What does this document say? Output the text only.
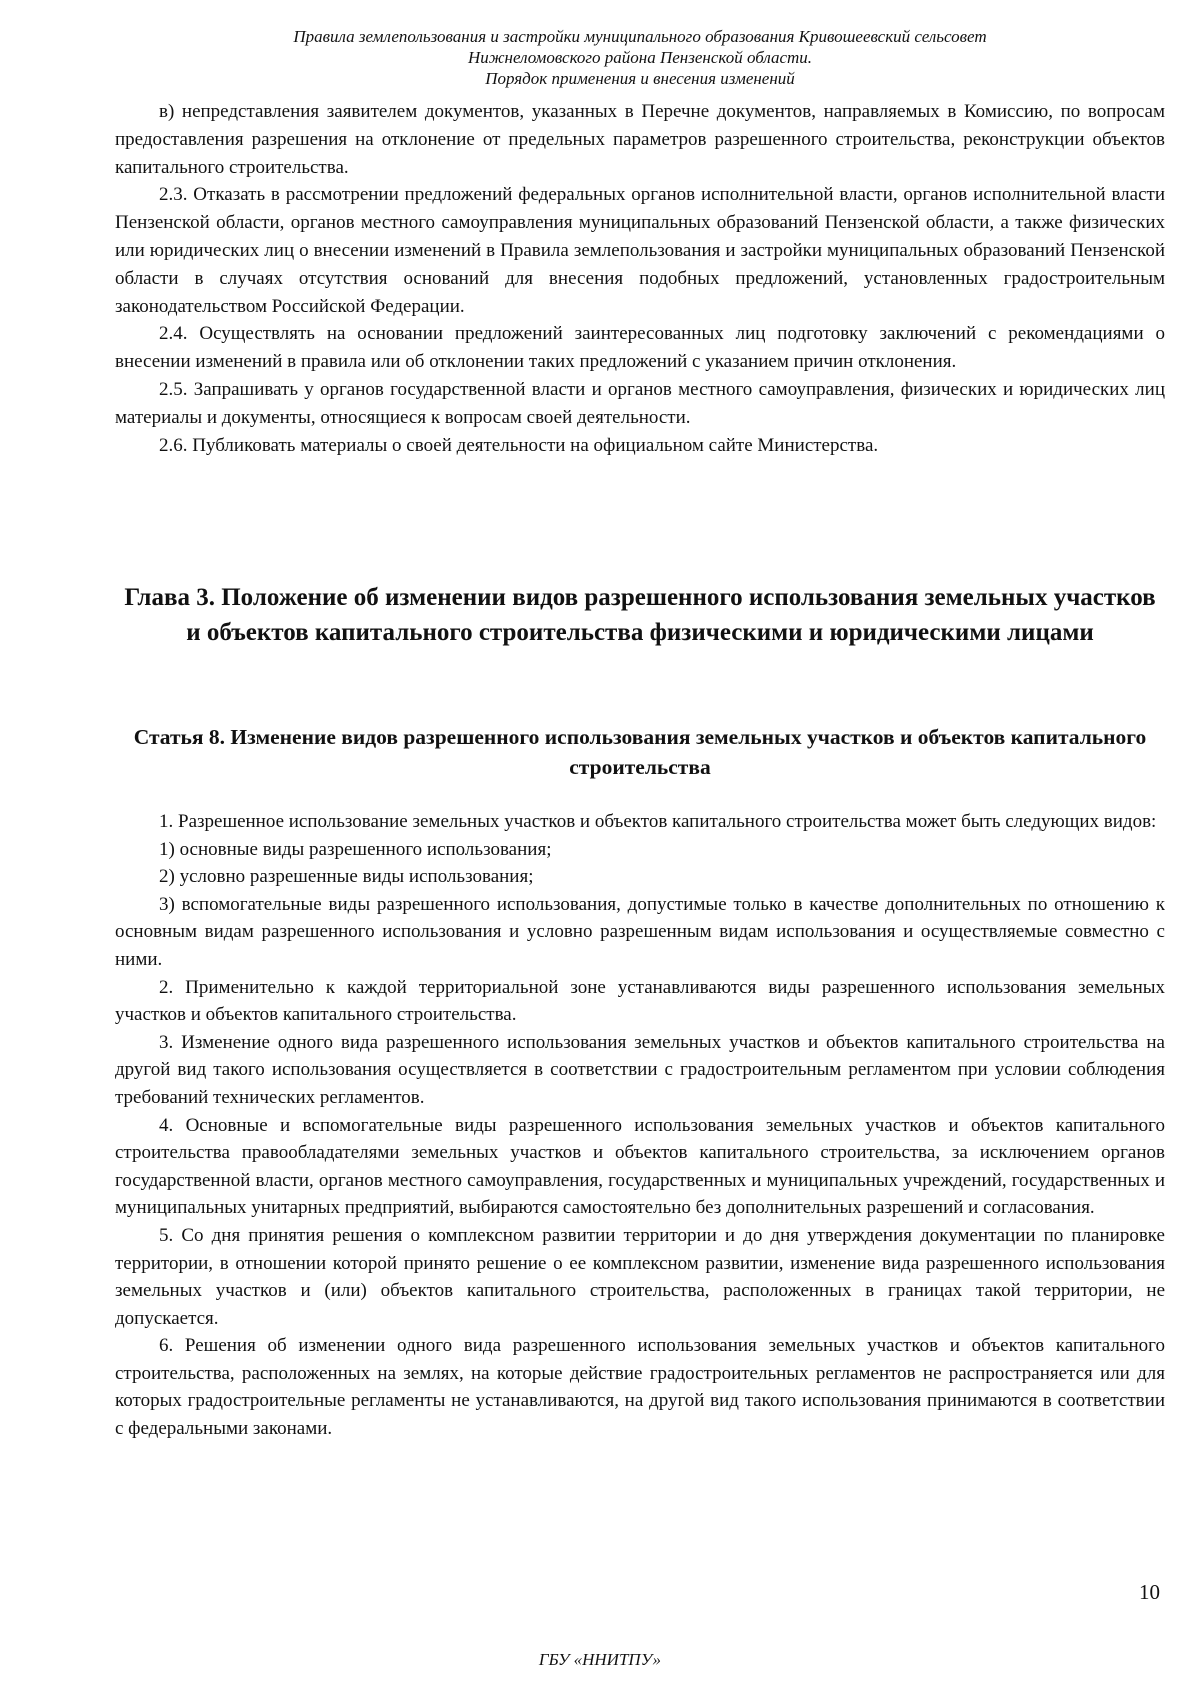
Правила землепользования и застройки муниципального образования Кривошеевский сельсовет
Нижнеломовского района Пензенской области.
Порядок применения и внесения изменений

в) непредставления заявителем документов, указанных в Перечне документов, направляемых в Комиссию, по вопросам предоставления разрешения на отклонение от предельных параметров разрешенного строительства, реконструкции объектов капитального строительства.

2.3. Отказать в рассмотрении предложений федеральных органов исполнительной власти, органов исполнительной власти Пензенской области, органов местного самоуправления муниципальных образований Пензенской области, а также физических или юридических лиц о внесении изменений в Правила землепользования и застройки муниципальных образований Пензенской области в случаях отсутствия оснований для внесения подобных предложений, установленных градостроительным законодательством Российской Федерации.

2.4. Осуществлять на основании предложений заинтересованных лиц подготовку заключений с рекомендациями о внесении изменений в правила или об отклонении таких предложений с указанием причин отклонения.

2.5. Запрашивать у органов государственной власти и органов местного самоуправления, физических и юридических лиц материалы и документы, относящиеся к вопросам своей деятельности.

2.6. Публиковать материалы о своей деятельности на официальном сайте Министерства.

Глава 3. Положение об изменении видов разрешенного использования земельных участков и объектов капитального строительства физическими и юридическими лицами
Статья 8. Изменение видов разрешенного использования земельных участков и объектов капитального строительства

1. Разрешенное использование земельных участков и объектов капитального строительства может быть следующих видов:

1) основные виды разрешенного использования;

2) условно разрешенные виды использования;

3) вспомогательные виды разрешенного использования, допустимые только в качестве дополнительных по отношению к основным видам разрешенного использования и условно разрешенным видам использования и осуществляемые совместно с ними.

2. Применительно к каждой территориальной зоне устанавливаются виды разрешенного использования земельных участков и объектов капитального строительства.

3. Изменение одного вида разрешенного использования земельных участков и объектов капитального строительства на другой вид такого использования осуществляется в соответствии с градостроительным регламентом при условии соблюдения требований технических регламентов.

4. Основные и вспомогательные виды разрешенного использования земельных участков и объектов капитального строительства правообладателями земельных участков и объектов капитального строительства, за исключением органов государственной власти, органов местного самоуправления, государственных и муниципальных учреждений, государственных и муниципальных унитарных предприятий, выбираются самостоятельно без дополнительных разрешений и согласования.

5. Со дня принятия решения о комплексном развитии территории и до дня утверждения документации по планировке территории, в отношении которой принято решение о ее комплексном развитии, изменение вида разрешенного использования земельных участков и (или) объектов капитального строительства, расположенных в границах такой территории, не допускается.

6. Решения об изменении одного вида разрешенного использования земельных участков и объектов капитального строительства, расположенных на землях, на которые действие градостроительных регламентов не распространяется или для которых градостроительные регламенты не устанавливаются, на другой вид такого использования принимаются в соответствии с федеральными законами.

10
ГБУ «ННИТПУ»
